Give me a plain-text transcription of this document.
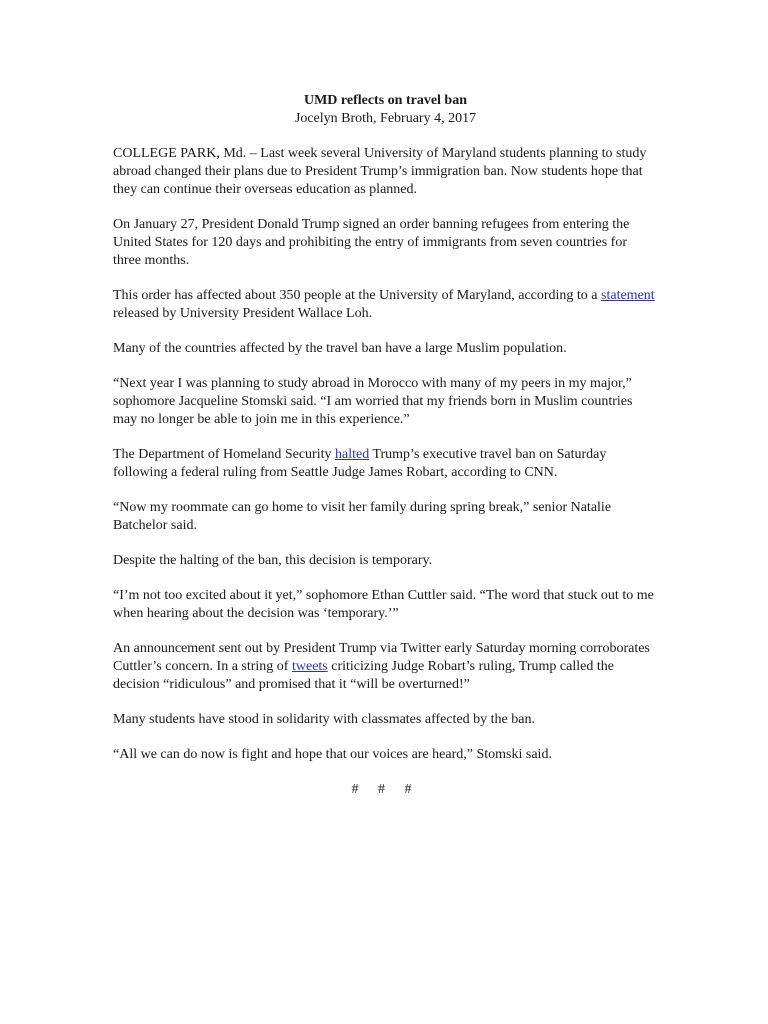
UMD reflects on travel ban
Jocelyn Broth, February 4, 2017

COLLEGE PARK, Md. – Last week several University of Maryland students planning to study abroad changed their plans due to President Trump’s immigration ban. Now students hope that they can continue their overseas education as planned.

On January 27, President Donald Trump signed an order banning refugees from entering the United States for 120 days and prohibiting the entry of immigrants from seven countries for three months.

This order has affected about 350 people at the University of Maryland, according to a statement released by University President Wallace Loh.

Many of the countries affected by the travel ban have a large Muslim population.

“Next year I was planning to study abroad in Morocco with many of my peers in my major,” sophomore Jacqueline Stomski said. “I am worried that my friends born in Muslim countries may no longer be able to join me in this experience.”

The Department of Homeland Security halted Trump’s executive travel ban on Saturday following a federal ruling from Seattle Judge James Robart, according to CNN.

“Now my roommate can go home to visit her family during spring break,” senior Natalie Batchelor said.

Despite the halting of the ban, this decision is temporary.

“I’m not too excited about it yet,” sophomore Ethan Cuttler said. “The word that stuck out to me when hearing about the decision was ‘temporary.’”

An announcement sent out by President Trump via Twitter early Saturday morning corroborates Cuttler’s concern. In a string of tweets criticizing Judge Robart’s ruling, Trump called the decision “ridiculous” and promised that it “will be overturned!”

Many students have stood in solidarity with classmates affected by the ban.

“All we can do now is fight and hope that our voices are heard,” Stomski said.

# # #
